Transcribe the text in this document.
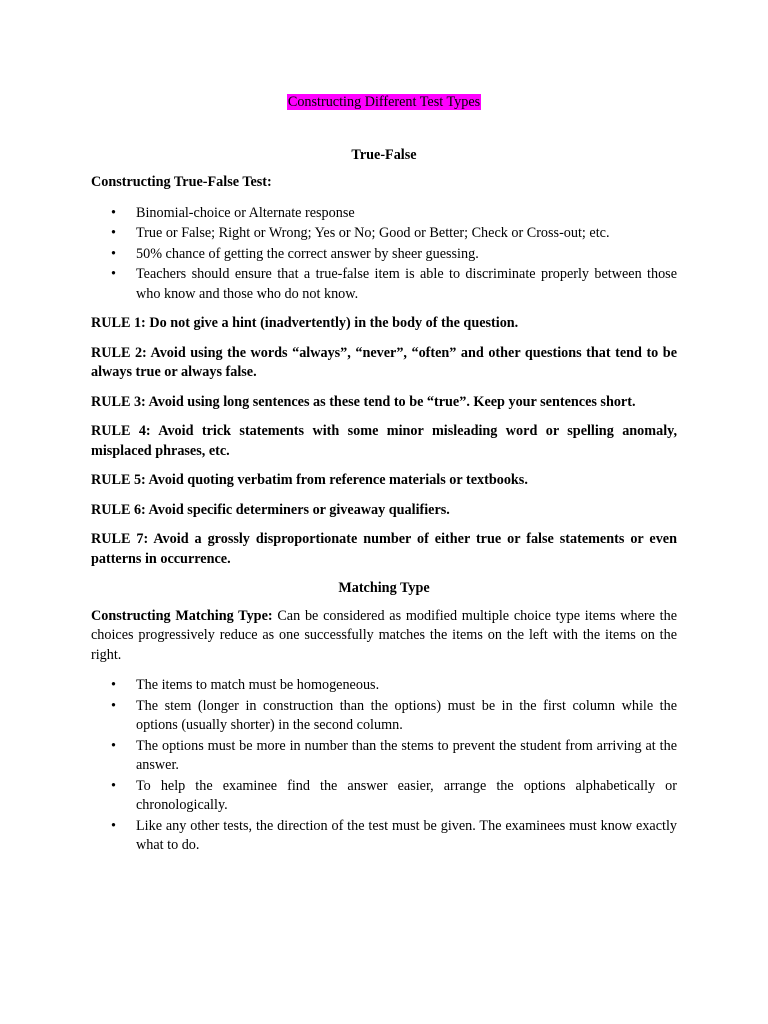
Constructing Different Test Types

True-False

Constructing True-False Test:

• Binomial-choice or Alternate response
• True or False; Right or Wrong; Yes or No; Good or Better; Check or Cross-out; etc.
• 50% chance of getting the correct answer by sheer guessing.
• Teachers should ensure that a true-false item is able to discriminate properly between those who know and those who do not know.

RULE 1: Do not give a hint (inadvertently) in the body of the question.

RULE 2: Avoid using the words “always”, “never”, “often” and other questions that tend to be always true or always false.

RULE 3: Avoid using long sentences as these tend to be “true”. Keep your sentences short.

RULE 4: Avoid trick statements with some minor misleading word or spelling anomaly, misplaced phrases, etc.

RULE 5: Avoid quoting verbatim from reference materials or textbooks.

RULE 6: Avoid specific determiners or giveaway qualifiers.

RULE 7: Avoid a grossly disproportionate number of either true or false statements or even patterns in occurrence.

Matching Type

Constructing Matching Type: Can be considered as modified multiple choice type items where the choices progressively reduce as one successfully matches the items on the left with the items on the right.

• The items to match must be homogeneous.
• The stem (longer in construction than the options) must be in the first column while the options (usually shorter) in the second column.
• The options must be more in number than the stems to prevent the student from arriving at the answer.
• To help the examinee find the answer easier, arrange the options alphabetically or chronologically.
• Like any other tests, the direction of the test must be given. The examinees must know exactly what to do.
